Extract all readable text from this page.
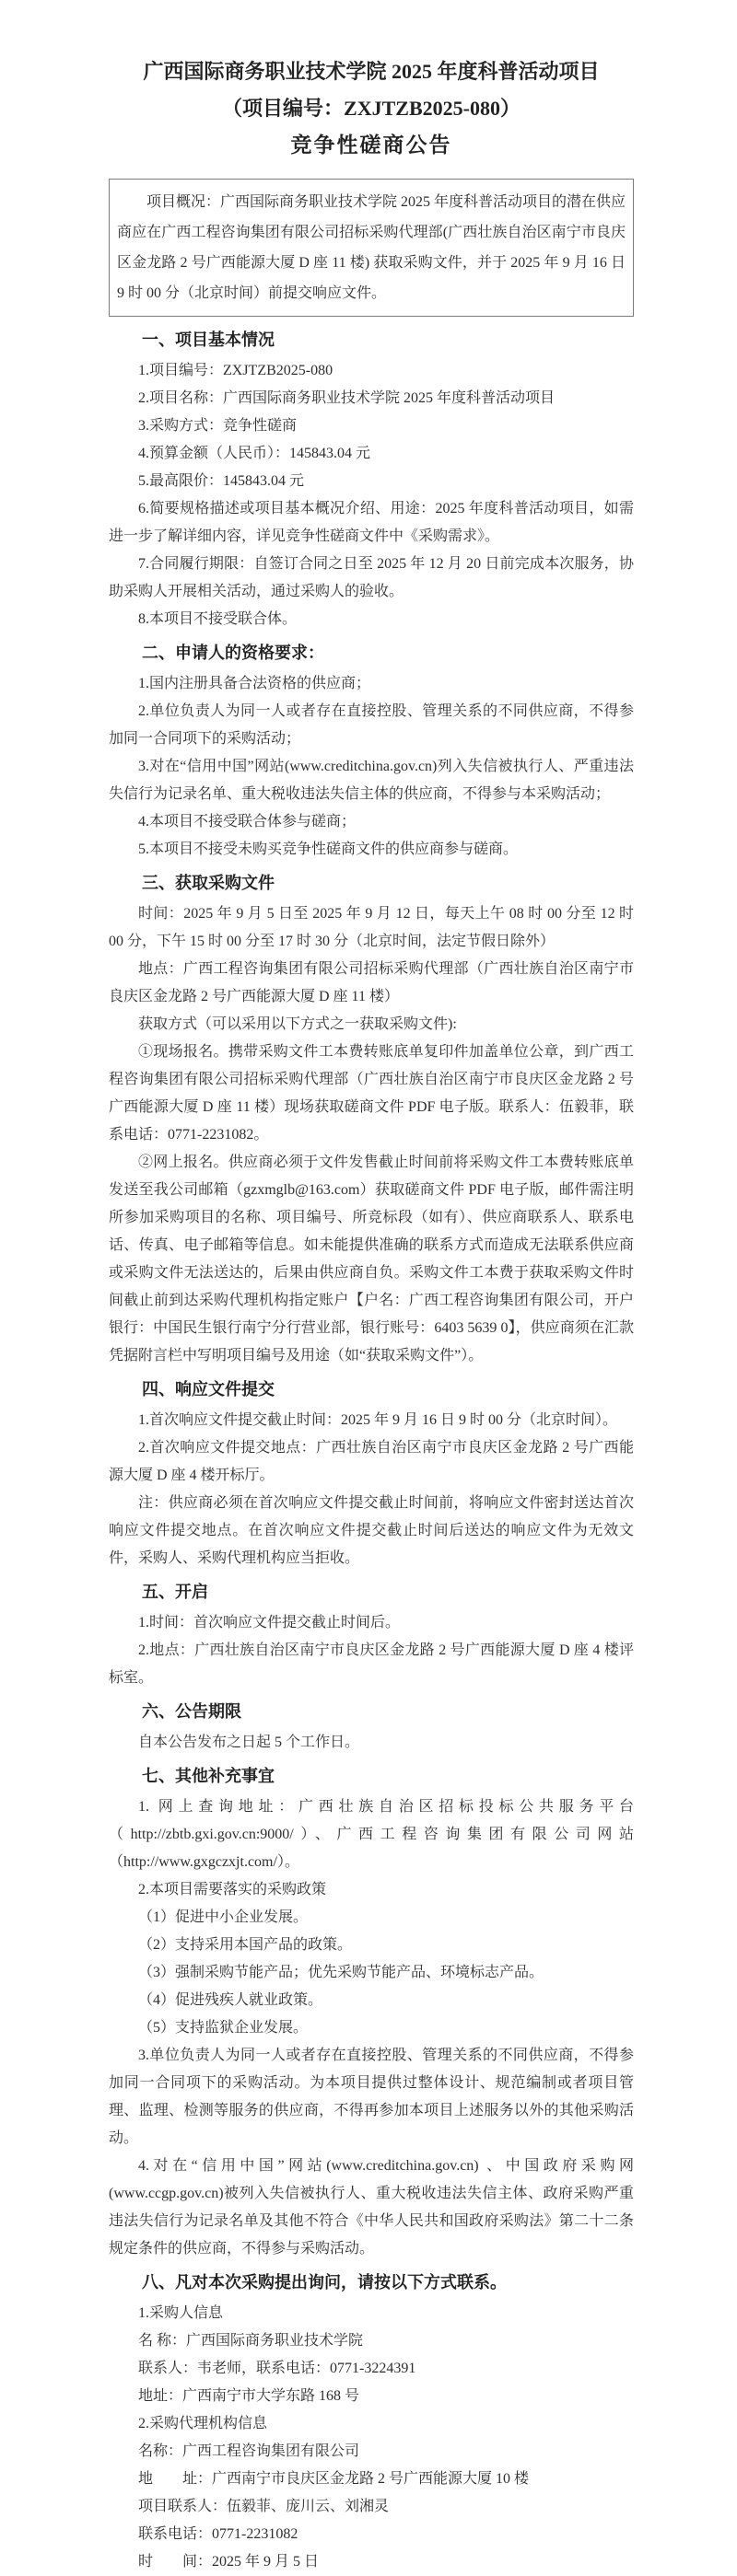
广西国际商务职业技术学院 2025 年度科普活动项目

（项目编号：ZXJTZB2025-080）

竞争性磋商公告

项目概况：广西国际商务职业技术学院 2025 年度科普活动项目的潜在供应商应在广西工程咨询集团有限公司招标采购代理部(广西壮族自治区南宁市良庆区金龙路 2 号广西能源大厦 D 座 11 楼) 获取采购文件，并于 2025 年 9 月 16 日 9 时 00 分（北京时间）前提交响应文件。

一、项目基本情况

1.项目编号：ZXJTZB2025-080

2.项目名称：广西国际商务职业技术学院 2025 年度科普活动项目

3.采购方式：竞争性磋商

4.预算金额（人民币）：145843.04 元

5.最高限价：145843.04 元

6.简要规格描述或项目基本概况介绍、用途：2025 年度科普活动项目，如需进一步了解详细内容，详见竞争性磋商文件中《采购需求》。

7.合同履行期限：自签订合同之日至 2025 年 12 月 20 日前完成本次服务，协助采购人开展相关活动，通过采购人的验收。

8.本项目不接受联合体。

二、申请人的资格要求：

1.国内注册具备合法资格的供应商；

2.单位负责人为同一人或者存在直接控股、管理关系的不同供应商，不得参加同一合同项下的采购活动；

3.对在“信用中国”网站(www.creditchina.gov.cn)列入失信被执行人、严重违法失信行为记录名单、重大税收违法失信主体的供应商，不得参与本采购活动；

4.本项目不接受联合体参与磋商；

5.本项目不接受未购买竞争性磋商文件的供应商参与磋商。

三、获取采购文件

时间：2025 年 9 月 5 日至 2025 年 9 月 12 日，每天上午 08 时 00 分至 12 时 00 分，下午 15 时 00 分至 17 时 30 分（北京时间，法定节假日除外）

地点：广西工程咨询集团有限公司招标采购代理部（广西壮族自治区南宁市良庆区金龙路 2 号广西能源大厦 D 座 11 楼）

获取方式（可以采用以下方式之一获取采购文件):

①现场报名。携带采购文件工本费转账底单复印件加盖单位公章，到广西工程咨询集团有限公司招标采购代理部（广西壮族自治区南宁市良庆区金龙路 2 号广西能源大厦 D 座 11 楼）现场获取磋商文件 PDF 电子版。联系人：伍毅菲，联系电话：0771-2231082。

②网上报名。供应商必须于文件发售截止时间前将采购文件工本费转账底单发送至我公司邮箱（gzxmglb@163.com）获取磋商文件 PDF 电子版，邮件需注明所参加采购项目的名称、项目编号、所竞标段（如有）、供应商联系人、联系电话、传真、电子邮箱等信息。如未能提供准确的联系方式而造成无法联系供应商或采购文件无法送达的，后果由供应商自负。采购文件工本费于获取采购文件时间截止前到达采购代理机构指定账户【户名：广西工程咨询集团有限公司，开户银行：中国民生银行南宁分行营业部，银行账号：6403 5639 0】，供应商须在汇款凭据附言栏中写明项目编号及用途（如“获取采购文件”）。

四、响应文件提交

1.首次响应文件提交截止时间：2025 年 9 月 16 日 9 时 00 分（北京时间）。

2.首次响应文件提交地点：广西壮族自治区南宁市良庆区金龙路 2 号广西能源大厦 D 座 4 楼开标厅。

注：供应商必须在首次响应文件提交截止时间前，将响应文件密封送达首次响应文件提交地点。在首次响应文件提交截止时间后送达的响应文件为无效文件，采购人、采购代理机构应当拒收。

五、开启

1.时间：首次响应文件提交截止时间后。

2.地点：广西壮族自治区南宁市良庆区金龙路 2 号广西能源大厦 D 座 4 楼评标室。

六、公告期限

自本公告发布之日起 5 个工作日。

七、其他补充事宜

1. 网上查询地址：广西壮族自治区招标投标公共服务平台（http://zbtb.gxi.gov.cn:9000/）、广西工程咨询集团有限公司网站（http://www.gxgczxjt.com/）。

2.本项目需要落实的采购政策

（1）促进中小企业发展。

（2）支持采用本国产品的政策。

（3）强制采购节能产品；优先采购节能产品、环境标志产品。

（4）促进残疾人就业政策。

（5）支持监狱企业发展。

3.单位负责人为同一人或者存在直接控股、管理关系的不同供应商，不得参加同一合同项下的采购活动。为本项目提供过整体设计、规范编制或者项目管理、监理、检测等服务的供应商，不得再参加本项目上述服务以外的其他采购活动。

4.对在“信用中国”网站(www.creditchina.gov.cn) 、中国政府采购网(www.ccgp.gov.cn)被列入失信被执行人、重大税收违法失信主体、政府采购严重违法失信行为记录名单及其他不符合《中华人民共和国政府采购法》第二十二条规定条件的供应商，不得参与采购活动。

八、凡对本次采购提出询问，请按以下方式联系。

1.采购人信息

名 称：广西国际商务职业技术学院

联系人：韦老师，联系电话：0771-3224391

地址：广西南宁市大学东路 168 号

2.采购代理机构信息

名称：广西工程咨询集团有限公司

地　　址：广西南宁市良庆区金龙路 2 号广西能源大厦 10 楼

项目联系人：伍毅菲、庞川云、刘湘灵

联系电话：0771-2231082

时　　间：2025 年 9 月 5 日
